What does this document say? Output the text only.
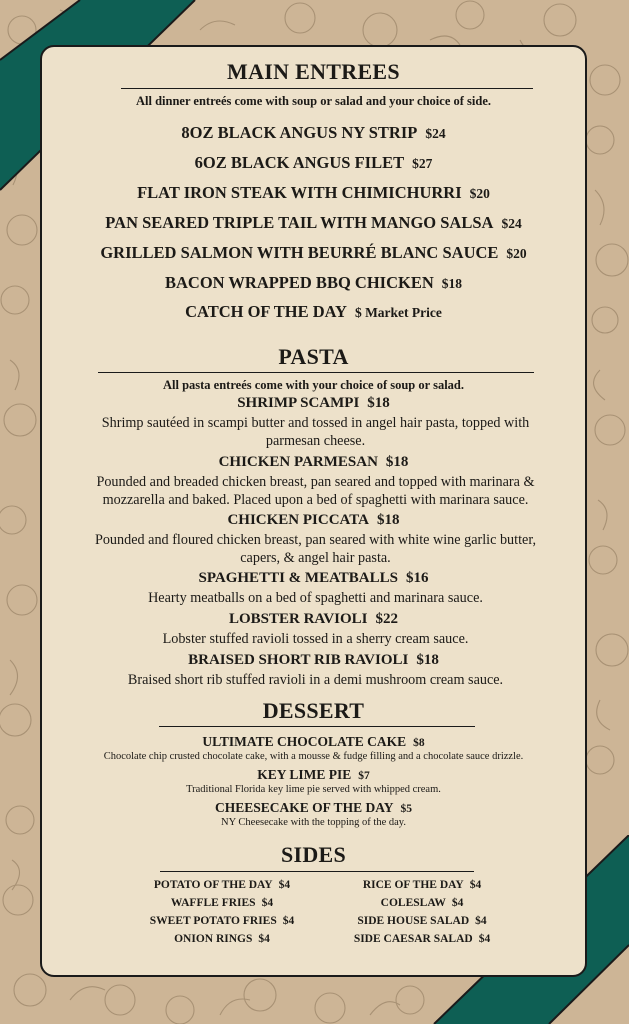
MAIN ENTREES
All dinner entreés come with soup or salad and your choice of side.
8OZ BLACK ANGUS NY STRIP $24
6OZ BLACK ANGUS FILET $27
FLAT IRON STEAK WITH CHIMICHURRI $20
PAN SEARED TRIPLE TAIL WITH MANGO SALSA $24
GRILLED SALMON WITH BEURRÉ BLANC SAUCE $20
BACON WRAPPED BBQ CHICKEN $18
CATCH OF THE DAY $ Market Price
PASTA
All pasta entreés come with your choice of soup or salad.
SHRIMP SCAMPI $18
Shrimp sautéed in scampi butter and tossed in angel hair pasta, topped with
parmesan cheese.
CHICKEN PARMESAN $18
Pounded and breaded chicken breast, pan seared and topped with marinara &
mozzarella and baked. Placed upon a bed of spaghetti with marinara sauce.
CHICKEN PICCATA $18
Pounded and floured chicken breast, pan seared with white wine garlic butter,
capers, & angel hair pasta.
SPAGHETTI & MEATBALLS $16
Hearty meatballs on a bed of spaghetti and marinara sauce.
LOBSTER RAVIOLI $22
Lobster stuffed ravioli tossed in a sherry cream sauce.
BRAISED SHORT RIB RAVIOLI $18
Braised short rib stuffed ravioli in a demi mushroom cream sauce.
DESSERT
ULTIMATE CHOCOLATE CAKE $8
Chocolate chip crusted chocolate cake, with a mousse & fudge filling and a chocolate sauce drizzle.
KEY LIME PIE $7
Traditional Florida key lime pie served with whipped cream.
CHEESECAKE OF THE DAY $5
NY Cheesecake with the topping of the day.
SIDES
POTATO OF THE DAY $4
WAFFLE FRIES $4
SWEET POTATO FRIES $4
ONION RINGS $4
RICE OF THE DAY $4
COLESLAW $4
SIDE HOUSE SALAD $4
SIDE CAESAR SALAD $4
